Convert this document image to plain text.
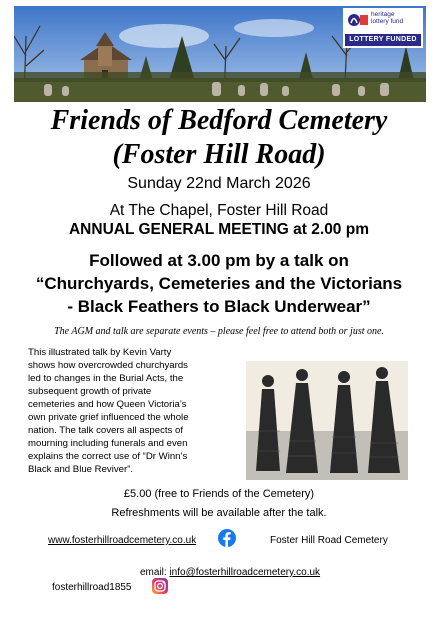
heritage
lottery fund
LOTTERY FUNDED
Friends of Bedford Cemetery
(Foster Hill Road)
Sunday 22nd March 2026
At The Chapel, Foster Hill Road
ANNUAL GENERAL MEETING at 2.00 pm
Followed at 3.00 pm by a talk on
“Churchyards, Cemeteries and the Victorians
- Black Feathers to Black Underwear”
The AGM and talk are separate events – please feel free to attend both or just one.
This illustrated talk by Kevin Varty
shows how overcrowded churchyards
led to changes in the Burial Acts, the
subsequent growth of private
cemeteries and how Queen Victoria’s
own private grief influenced the whole
nation. The talk covers all aspects of
mourning including funerals and even
explains the correct use of “Dr Winn’s
Black and Blue Reviver”.
£5.00 (free to Friends of the Cemetery)
Refreshments will be available after the talk.
www.fosterhillroadcemetery.co.uk	Foster Hill Road Cemetery
email: info@fosterhillroadcemetery.co.uk
fosterhillroad1855
